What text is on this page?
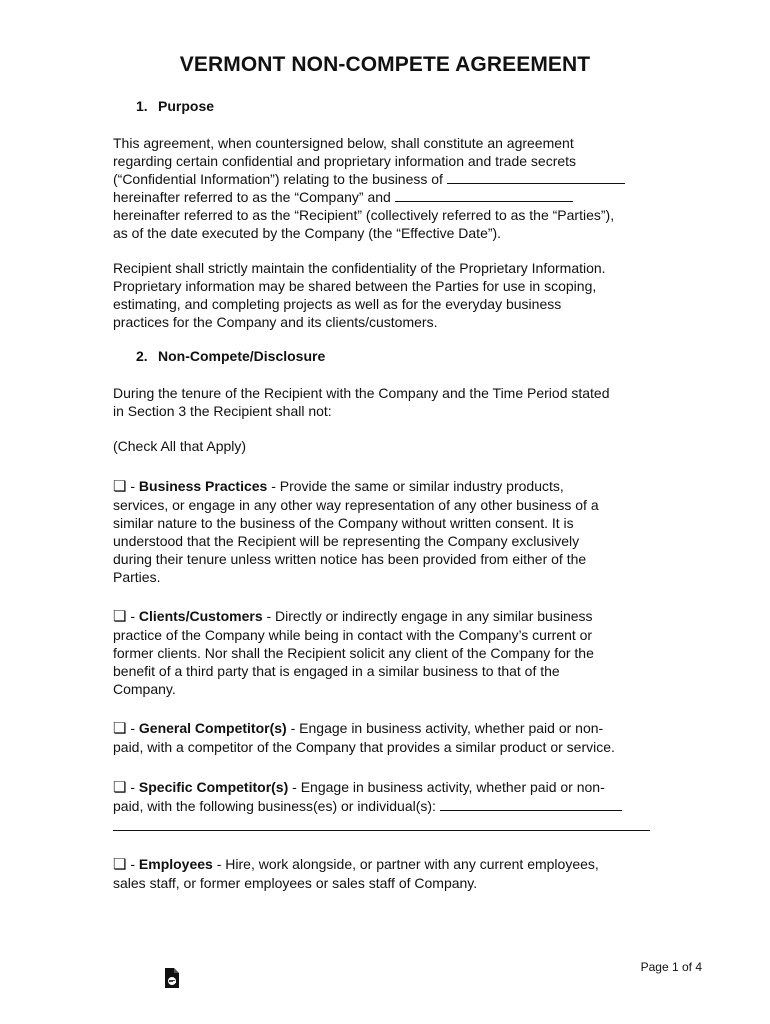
VERMONT NON-COMPETE AGREEMENT
1. Purpose
This agreement, when countersigned below, shall constitute an agreement
regarding certain confidential and proprietary information and trade secrets
(“Confidential Information”) relating to the business of
hereinafter referred to as the “Company” and
hereinafter referred to as the “Recipient” (collectively referred to as the “Parties”),
as of the date executed by the Company (the “Effective Date”).
Recipient shall strictly maintain the confidentiality of the Proprietary Information.
Proprietary information may be shared between the Parties for use in scoping,
estimating, and completing projects as well as for the everyday business
practices for the Company and its clients/customers.
2. Non-Compete/Disclosure
During the tenure of the Recipient with the Company and the Time Period stated
in Section 3 the Recipient shall not:
(Check All that Apply)
❏ - Business Practices - Provide the same or similar industry products,
services, or engage in any other way representation of any other business of a
similar nature to the business of the Company without written consent. It is
understood that the Recipient will be representing the Company exclusively
during their tenure unless written notice has been provided from either of the
Parties.
❏ - Clients/Customers - Directly or indirectly engage in any similar business
practice of the Company while being in contact with the Company’s current or
former clients. Nor shall the Recipient solicit any client of the Company for the
benefit of a third party that is engaged in a similar business to that of the
Company.
❏ - General Competitor(s) - Engage in business activity, whether paid or non-
paid, with a competitor of the Company that provides a similar product or service.
❏ - Specific Competitor(s) - Engage in business activity, whether paid or non-
paid, with the following business(es) or individual(s):
❏ - Employees - Hire, work alongside, or partner with any current employees,
sales staff, or former employees or sales staff of Company.
Page 1 of 4
